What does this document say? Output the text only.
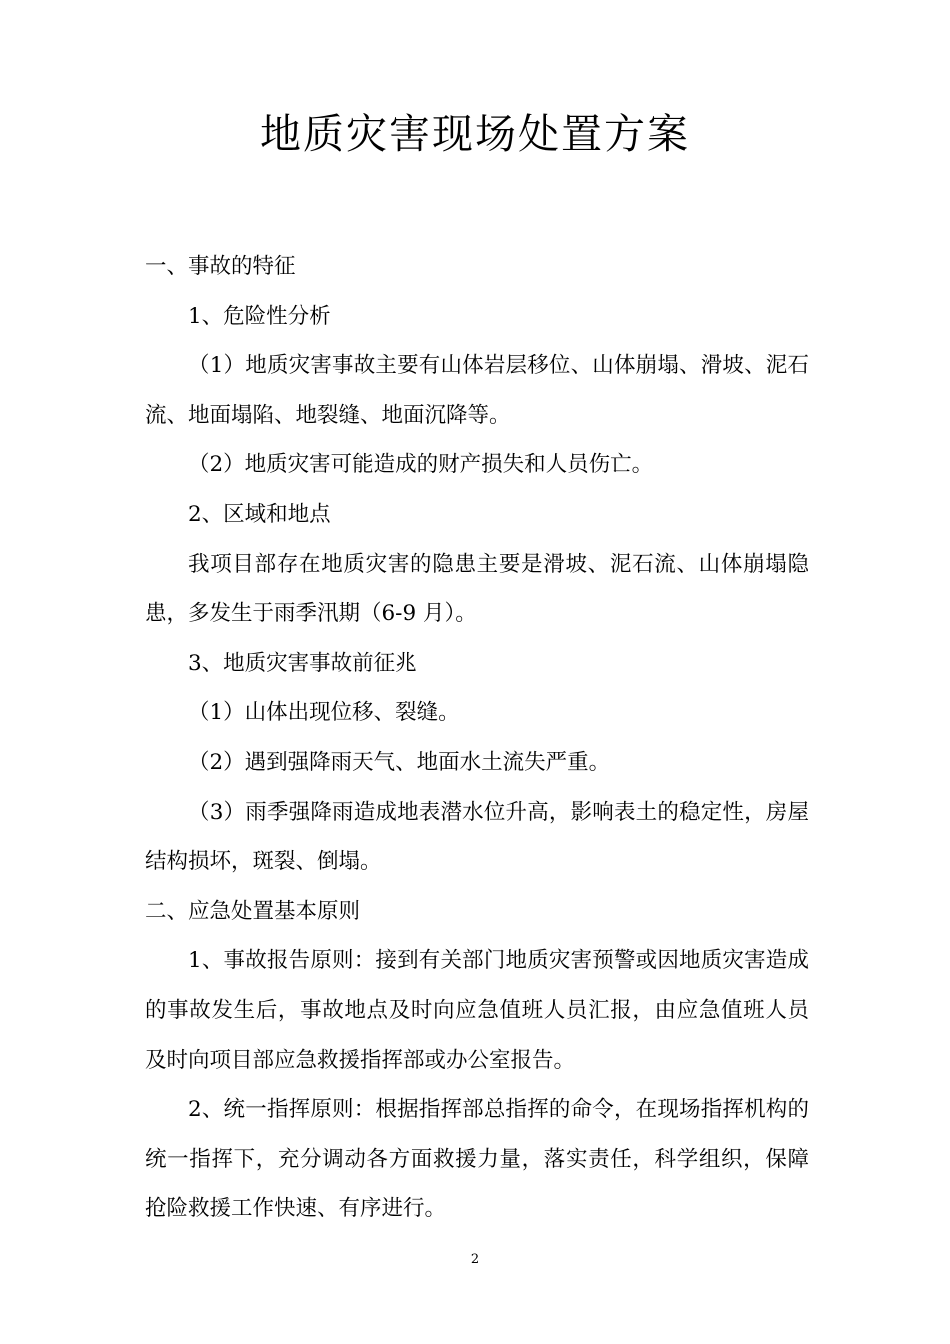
地质灾害现场处置方案

一、事故的特征

1、危险性分析

（1）地质灾害事故主要有山体岩层移位、山体崩塌、滑坡、泥石流、地面塌陷、地裂缝、地面沉降等。

（2）地质灾害可能造成的财产损失和人员伤亡。

2、区域和地点

我项目部存在地质灾害的隐患主要是滑坡、泥石流、山体崩塌隐患，多发生于雨季汛期（6-9 月）。

3、地质灾害事故前征兆

（1）山体出现位移、裂缝。

（2）遇到强降雨天气、地面水土流失严重。

（3）雨季强降雨造成地表潜水位升高，影响表土的稳定性，房屋结构损坏，斑裂、倒塌。

二、应急处置基本原则

1、事故报告原则：接到有关部门地质灾害预警或因地质灾害造成的事故发生后，事故地点及时向应急值班人员汇报，由应急值班人员及时向项目部应急救援指挥部或办公室报告。

2、统一指挥原则：根据指挥部总指挥的命令，在现场指挥机构的统一指挥下，充分调动各方面救援力量，落实责任，科学组织，保障抢险救援工作快速、有序进行。

2
